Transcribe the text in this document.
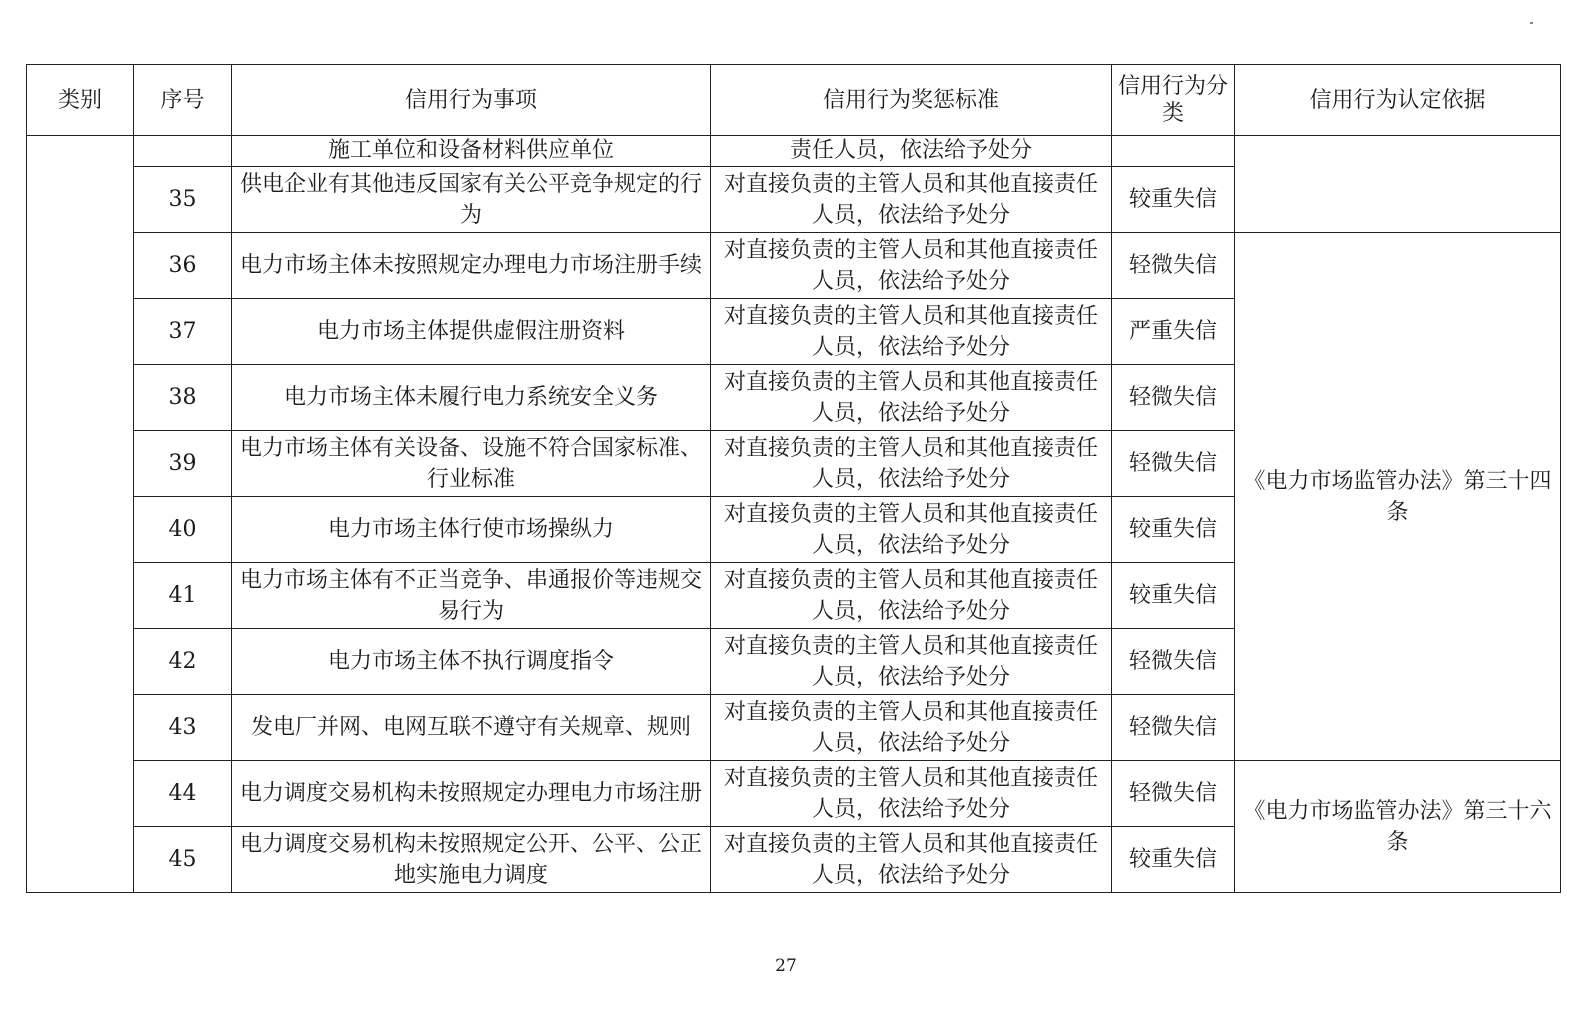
类别	序号	信用行为事项	信用行为奖惩标准	信用行为分类	信用行为认定依据
		施工单位和设备材料供应单位	责任人员，依法给予处分		
	35	供电企业有其他违反国家有关公平竞争规定的行为	对直接负责的主管人员和其他直接责任人员，依法给予处分	较重失信	
	36	电力市场主体未按照规定办理电力市场注册手续	对直接负责的主管人员和其他直接责任人员，依法给予处分	轻微失信	《电力市场监管办法》第三十四条
	37	电力市场主体提供虚假注册资料	对直接负责的主管人员和其他直接责任人员，依法给予处分	严重失信	
	38	电力市场主体未履行电力系统安全义务	对直接负责的主管人员和其他直接责任人员，依法给予处分	轻微失信	
	39	电力市场主体有关设备、设施不符合国家标准、行业标准	对直接负责的主管人员和其他直接责任人员，依法给予处分	轻微失信	
	40	电力市场主体行使市场操纵力	对直接负责的主管人员和其他直接责任人员，依法给予处分	较重失信	
	41	电力市场主体有不正当竞争、串通报价等违规交易行为	对直接负责的主管人员和其他直接责任人员，依法给予处分	较重失信	
	42	电力市场主体不执行调度指令	对直接负责的主管人员和其他直接责任人员，依法给予处分	轻微失信	
	43	发电厂并网、电网互联不遵守有关规章、规则	对直接负责的主管人员和其他直接责任人员，依法给予处分	轻微失信	
	44	电力调度交易机构未按照规定办理电力市场注册	对直接负责的主管人员和其他直接责任人员，依法给予处分	轻微失信	《电力市场监管办法》第三十六条
	45	电力调度交易机构未按照规定公开、公平、公正地实施电力调度	对直接负责的主管人员和其他直接责任人员，依法给予处分	较重失信	
27
